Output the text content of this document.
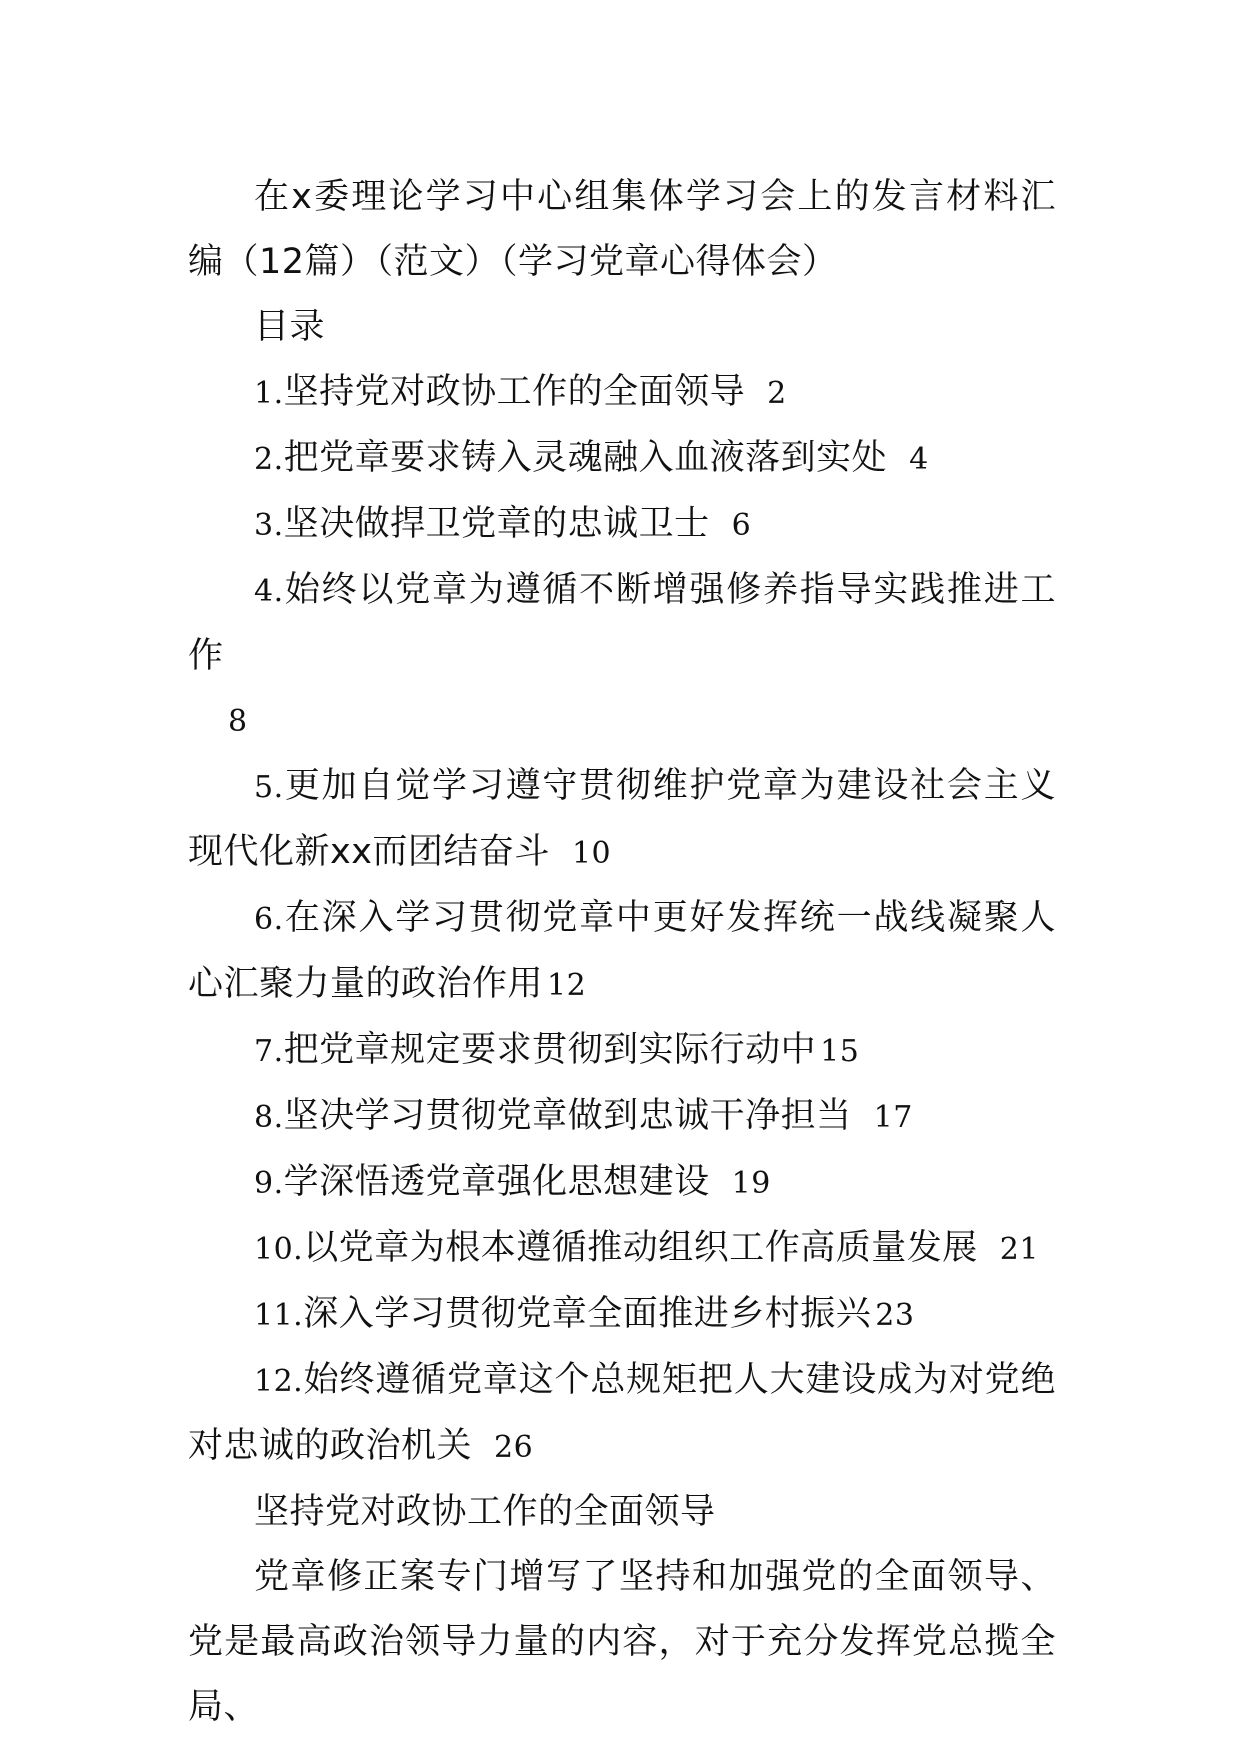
在x委理论学习中心组集体学习会上的发言材料汇编（12篇）（范文）（学习党章心得体会）

目录

1.坚持党对政协工作的全面领导 2

2.把党章要求铸入灵魂融入血液落到实处 4

3.坚决做捍卫党章的忠诚卫士 6

4.始终以党章为遵循不断增强修养指导实践推进工作
8

5.更加自觉学习遵守贯彻维护党章为建设社会主义现代化新xx而团结奋斗 10

6.在深入学习贯彻党章中更好发挥统一战线凝聚人心汇聚力量的政治作用 12

7.把党章规定要求贯彻到实际行动中 15

8.坚决学习贯彻党章做到忠诚干净担当 17

9.学深悟透党章强化思想建设 19

10.以党章为根本遵循推动组织工作高质量发展 21

11.深入学习贯彻党章全面推进乡村振兴 23

12.始终遵循党章这个总规矩把人大建设成为对党绝对忠诚的政治机关 26

坚持党对政协工作的全面领导

党章修正案专门增写了坚持和加强党的全面领导、党是最高政治领导力量的内容，对于充分发挥党总揽全局、
